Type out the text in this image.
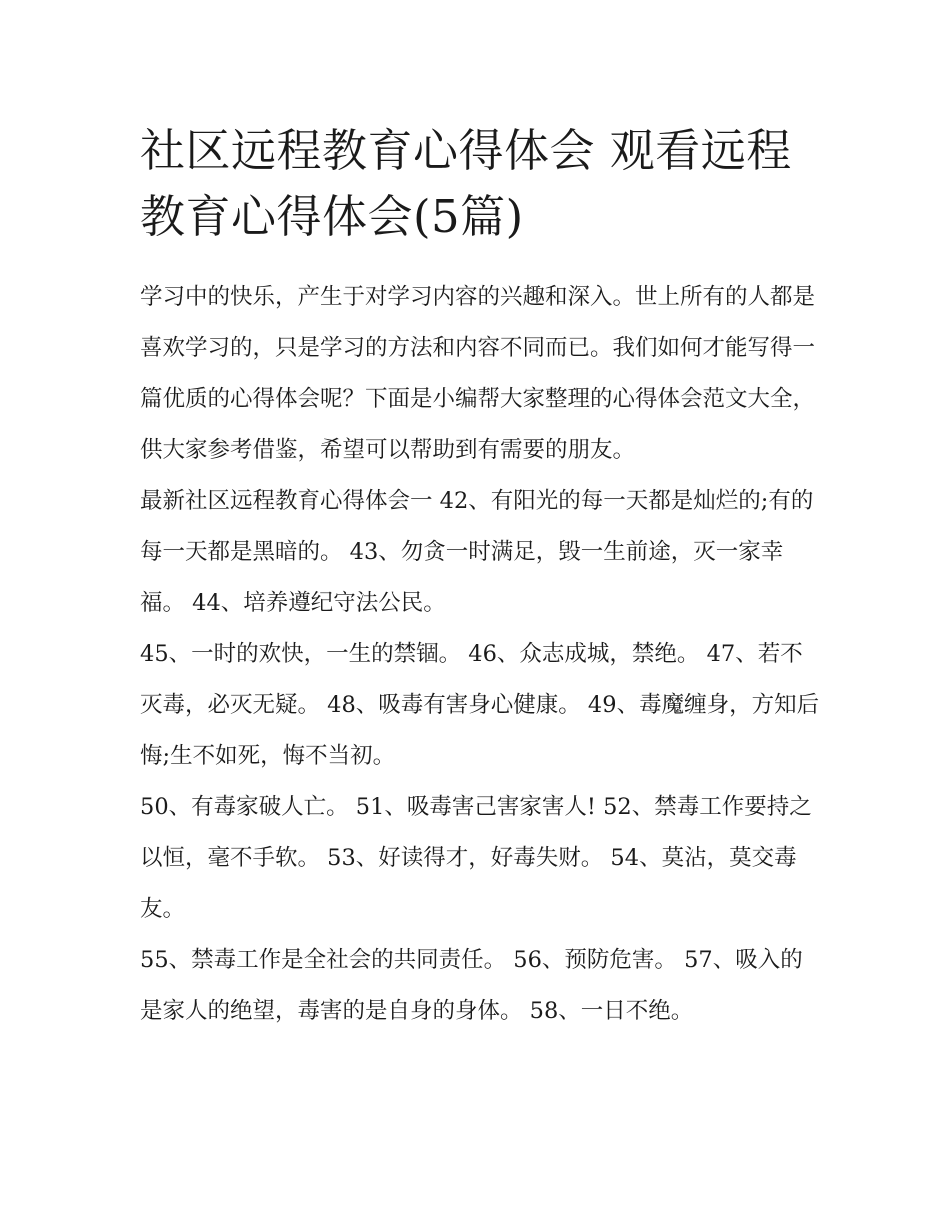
社区远程教育心得体会 观看远程教育心得体会(5篇)

学习中的快乐，产生于对学习内容的兴趣和深入。世上所有的人都是喜欢学习的，只是学习的方法和内容不同而已。我们如何才能写得一篇优质的心得体会呢？下面是小编帮大家整理的心得体会范文大全，供大家参考借鉴，希望可以帮助到有需要的朋友。

最新社区远程教育心得体会一 42、有阳光的每一天都是灿烂的;有的每一天都是黑暗的。 43、勿贪一时满足，毁一生前途，灭一家幸福。 44、培养遵纪守法公民。

45、一时的欢快，一生的禁锢。 46、众志成城，禁绝。 47、若不灭毒，必灭无疑。 48、吸毒有害身心健康。 49、毒魔缠身，方知后悔;生不如死，悔不当初。

50、有毒家破人亡。 51、吸毒害己害家害人! 52、禁毒工作要持之以恒，毫不手软。 53、好读得才，好毒失财。 54、莫沾，莫交毒友。

55、禁毒工作是全社会的共同责任。 56、预防危害。 57、吸入的是家人的绝望，毒害的是自身的身体。 58、一日不绝。
